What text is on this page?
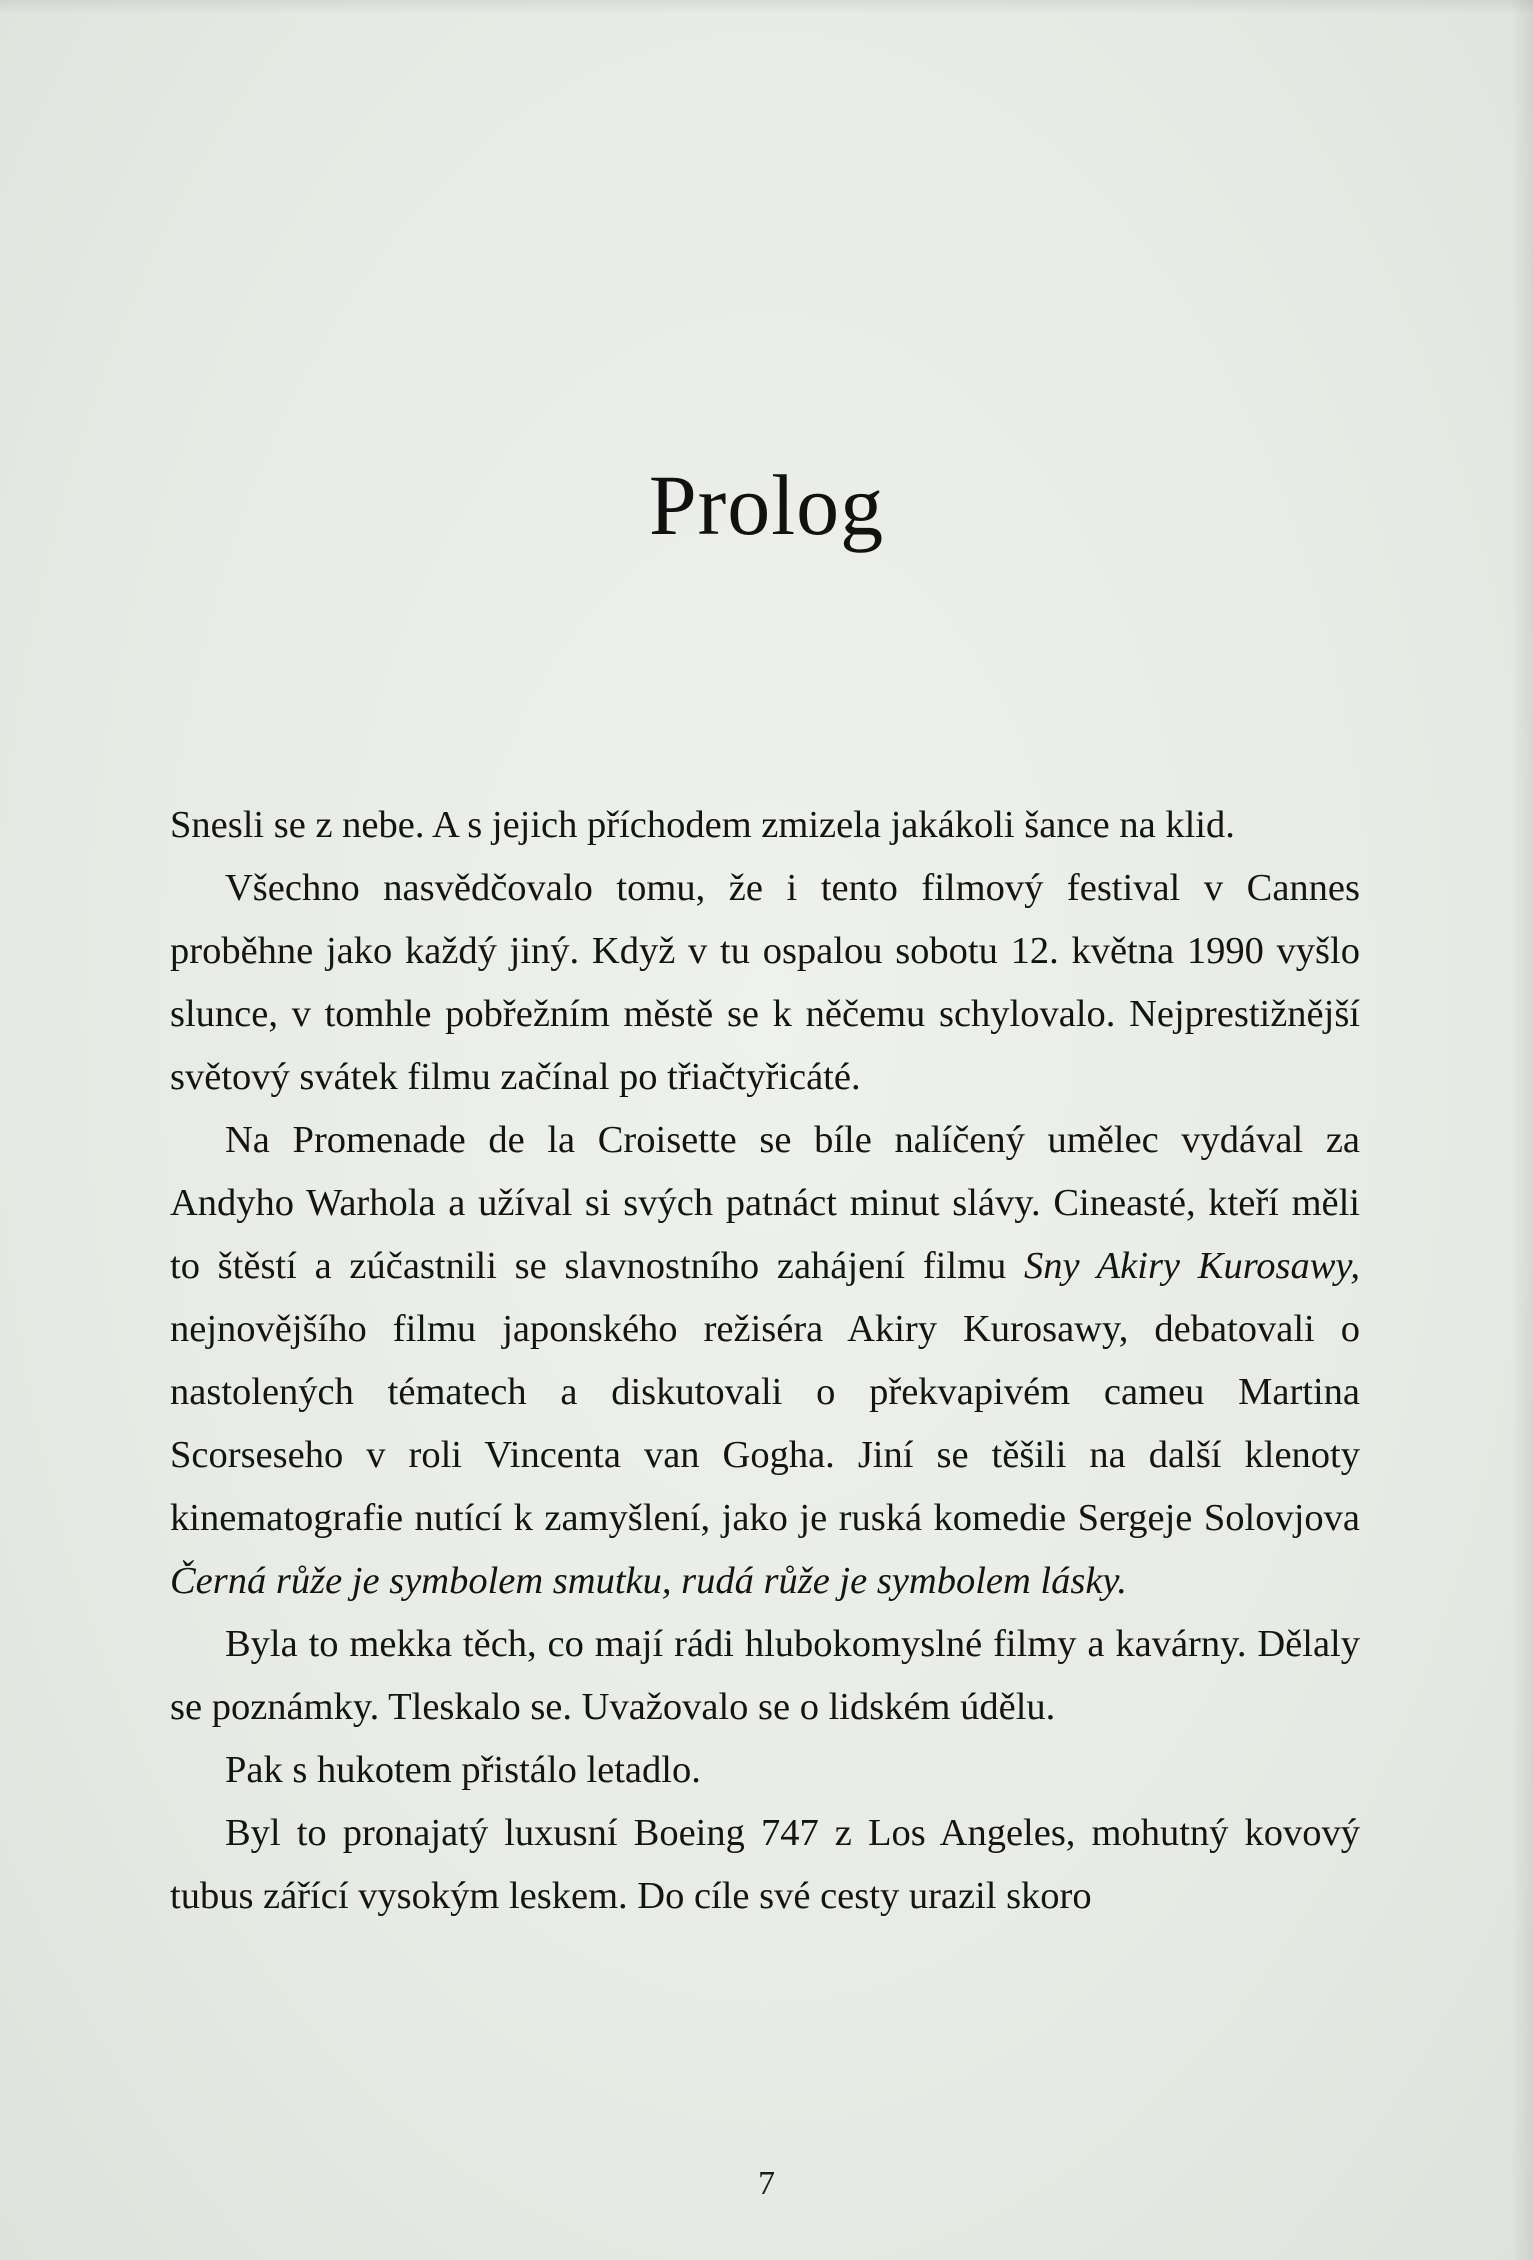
Prolog

Snesli se z nebe. A s jejich příchodem zmizela jakákoli šance na klid.

Všechno nasvědčovalo tomu, že i tento filmový festival v Cannes proběhne jako každý jiný. Když v tu ospalou sobotu 12. května 1990 vyšlo slunce, v tomhle pobřežním městě se k něčemu schylovalo. Nejprestižnější světový svátek filmu začínal po třiačtyřicáté.

Na Promenade de la Croisette se bíle nalíčený umělec vydával za Andyho Warhola a užíval si svých patnáct minut slávy. Cineasté, kteří měli to štěstí a zúčastnili se slavnostního zahájení filmu Sny Akiry Kurosawy, nejnovějšího filmu japonského režiséra Akiry Kurosawy, debatovali o nastolených tématech a diskutovali o překvapivém cameu Martina Scorseseho v roli Vincenta van Gogha. Jiní se těšili na další klenoty kinematografie nutící k zamyšlení, jako je ruská komedie Sergeje Solovjova Černá růže je symbolem smutku, rudá růže je symbolem lásky.

Byla to mekka těch, co mají rádi hlubokomyslné filmy a kavárny. Dělaly se poznámky. Tleskalo se. Uvažovalo se o lidském údělu.

Pak s hukotem přistálo letadlo.

Byl to pronajatý luxusní Boeing 747 z Los Angeles, mohutný kovový tubus zářící vysokým leskem. Do cíle své cesty urazil skoro

7
